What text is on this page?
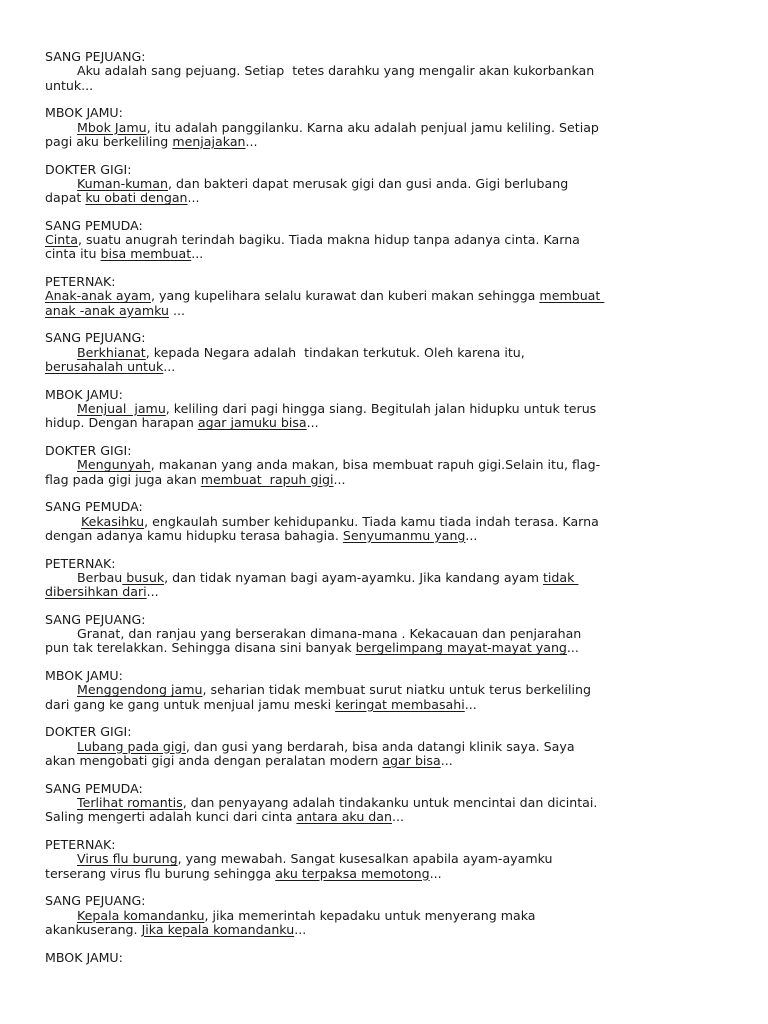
SANG PEJUANG:
Aku adalah sang pejuang. Setiap  tetes darahku yang mengalir akan kukorbankan
untuk...
MBOK JAMU:
Mbok Jamu, itu adalah panggilanku. Karna aku adalah penjual jamu keliling. Setiap
pagi aku berkeliling menjajakan...
DOKTER GIGI:
Kuman-kuman, dan bakteri dapat merusak gigi dan gusi anda. Gigi berlubang
dapat ku obati dengan...
SANG PEMUDA:
Cinta, suatu anugrah terindah bagiku. Tiada makna hidup tanpa adanya cinta. Karna
cinta itu bisa membuat...
PETERNAK:
Anak-anak ayam, yang kupelihara selalu kurawat dan kuberi makan sehingga membuat
anak -anak ayamku ...
SANG PEJUANG:
Berkhianat, kepada Negara adalah  tindakan terkutuk. Oleh karena itu,
berusahalah untuk...
MBOK JAMU:
Menjual  jamu, keliling dari pagi hingga siang. Begitulah jalan hidupku untuk terus
hidup. Dengan harapan agar jamuku bisa...
DOKTER GIGI:
Mengunyah, makanan yang anda makan, bisa membuat rapuh gigi.Selain itu, flag-
flag pada gigi juga akan membuat  rapuh gigi...
SANG PEMUDA:
Kekasihku, engkaulah sumber kehidupanku. Tiada kamu tiada indah terasa. Karna
dengan adanya kamu hidupku terasa bahagia. Senyumanmu yang...
PETERNAK:
Berbau busuk, dan tidak nyaman bagi ayam-ayamku. Jika kandang ayam tidak
dibersihkan dari...
SANG PEJUANG:
Granat, dan ranjau yang berserakan dimana-mana . Kekacauan dan penjarahan
pun tak terelakkan. Sehingga disana sini banyak bergelimpang mayat-mayat yang...
MBOK JAMU:
Menggendong jamu, seharian tidak membuat surut niatku untuk terus berkeliling
dari gang ke gang untuk menjual jamu meski keringat membasahi...
DOKTER GIGI:
Lubang pada gigi, dan gusi yang berdarah, bisa anda datangi klinik saya. Saya
akan mengobati gigi anda dengan peralatan modern agar bisa...
SANG PEMUDA:
Terlihat romantis, dan penyayang adalah tindakanku untuk mencintai dan dicintai.
Saling mengerti adalah kunci dari cinta antara aku dan...
PETERNAK:
Virus flu burung, yang mewabah. Sangat kusesalkan apabila ayam-ayamku
terserang virus flu burung sehingga aku terpaksa memotong...
SANG PEJUANG:
Kepala komandanku, jika memerintah kepadaku untuk menyerang maka
akankuserang. Jika kepala komandanku...
MBOK JAMU:
